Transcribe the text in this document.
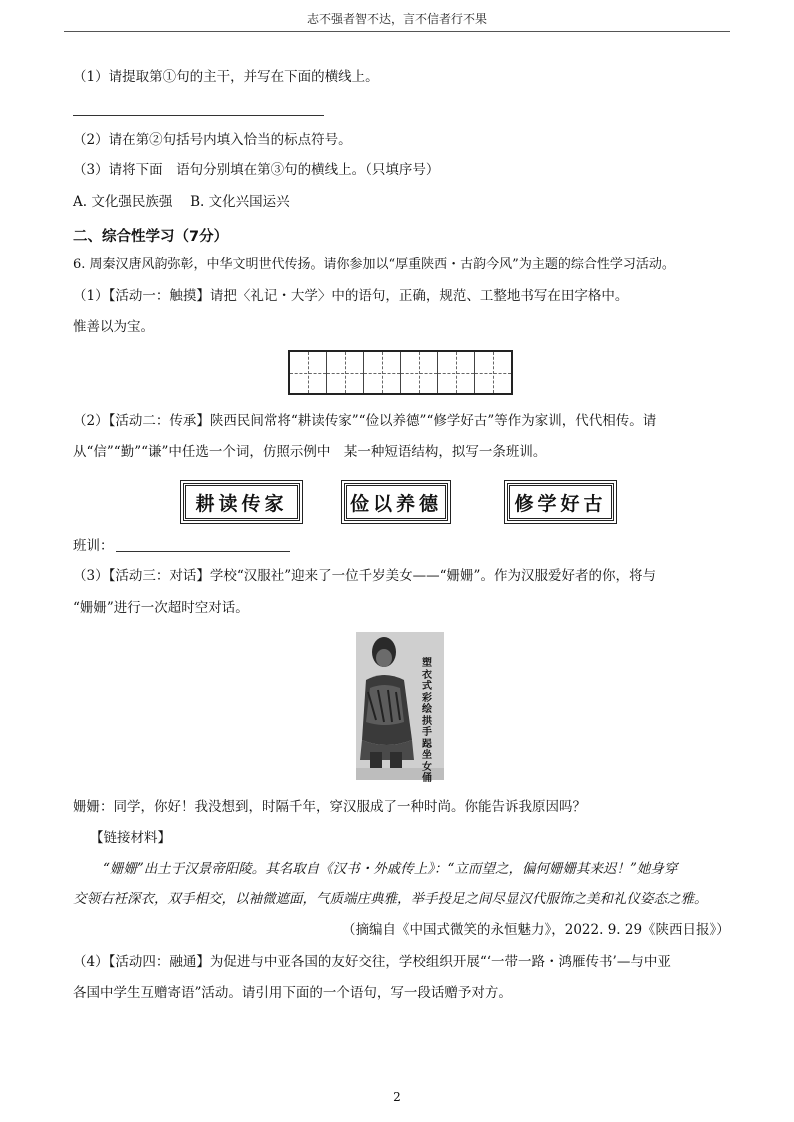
志不强者智不达，言不信者行不果
（1）请提取第①句的主干，并写在下面的横线上。
（2）请在第②句括号内填入恰当的标点符号。
（3）请将下面　语句分别填在第③句的横线上。（只填序号）
A. 文化强民族强　 B. 文化兴国运兴
二、综合性学习（7分）
6. 周秦汉唐风韵弥彰，中华文明世代传扬。请你参加以“厚重陕西・古韵今风”为主题的综合性学习活动。
（1）【活动一：触摸】请把〈礼记・大学〉中的语句，正确，规范、工整地书写在田字格中。
惟善以为宝。
（2）【活动二：传承】陕西民间常将“耕读传家”“俭以养德”“修学好古”等作为家训，代代相传。请
从“信”“勤”“谦”中任选一个词，仿照示例中　某一种短语结构，拟写一条班训。
耕读传家	俭以养德	修学好古
班训：
（3）【活动三：对话】学校“汉服社”迎来了一位千岁美女——“姗姗”。作为汉服爱好者的你，将与
“姗姗”进行一次超时空对话。
塑衣式彩绘拱手跽坐女俑
姗姗：同学，你好！我没想到，时隔千年，穿汉服成了一种时尚。你能告诉我原因吗？
【链接材料】
“姗姗”出土于汉景帝阳陵。其名取自《汉书・外戚传上》：“立而望之，偏何姗姗其来迟！”她身穿
交领右衽深衣，双手相交，以袖微遮面，气质端庄典雅，举手投足之间尽显汉代服饰之美和礼仪姿态之雅。
（摘编自《中国式微笑的永恒魅力》，2022. 9. 29《陕西日报》）
（4）【活动四：融通】为促进与中亚各国的友好交往，学校组织开展“‘一带一路・鸿雁传书’—与中亚
各国中学生互赠寄语”活动。请引用下面的一个语句，写一段话赠予对方。
2
